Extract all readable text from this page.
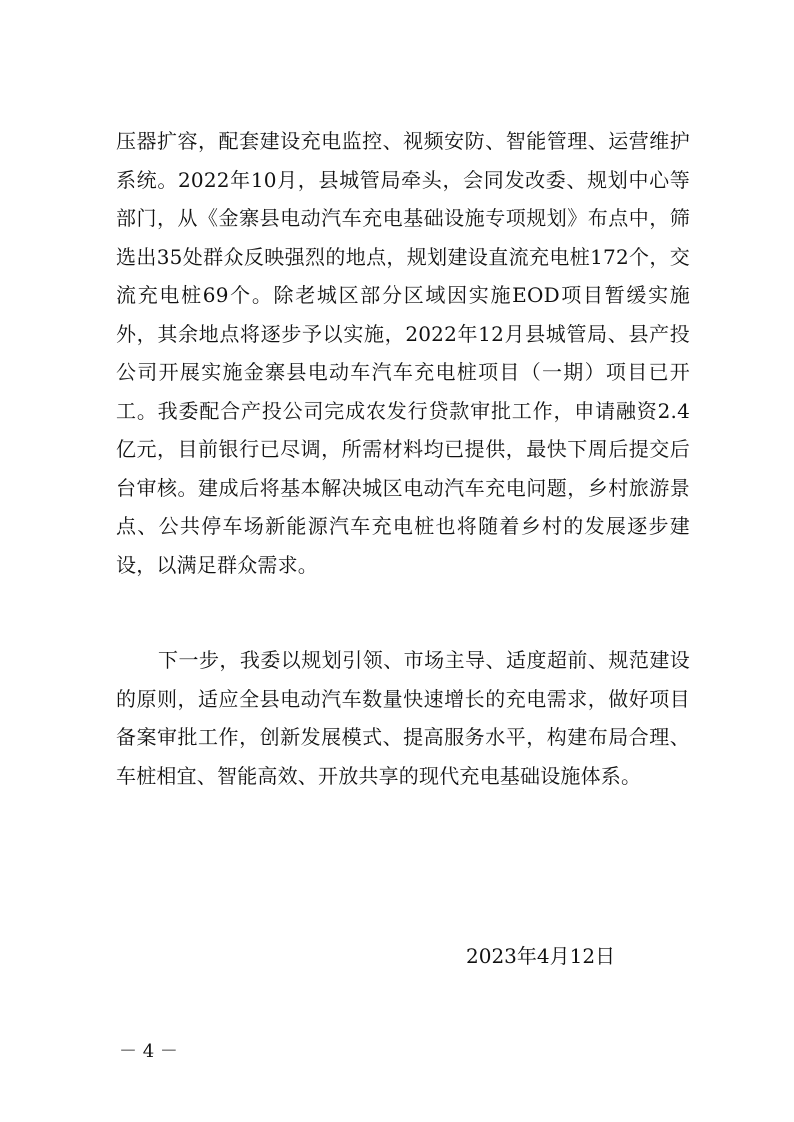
压器扩容，配套建设充电监控、视频安防、智能管理、运营维护系统。2022年10月，县城管局牵头，会同发改委、规划中心等部门，从《金寨县电动汽车充电基础设施专项规划》布点中，筛选出35处群众反映强烈的地点，规划建设直流充电桩172个，交流充电桩69个。除老城区部分区域因实施EOD项目暂缓实施外，其余地点将逐步予以实施，2022年12月县城管局、县产投公司开展实施金寨县电动车汽车充电桩项目（一期）项目已开工。我委配合产投公司完成农发行贷款审批工作，申请融资2.4亿元，目前银行已尽调，所需材料均已提供，最快下周后提交后台审核。建成后将基本解决城区电动汽车充电问题，乡村旅游景点、公共停车场新能源汽车充电桩也将随着乡村的发展逐步建设，以满足群众需求。

下一步，我委以规划引领、市场主导、适度超前、规范建设的原则，适应全县电动汽车数量快速增长的充电需求，做好项目备案审批工作，创新发展模式、提高服务水平，构建布局合理、车桩相宜、智能高效、开放共享的现代充电基础设施体系。

2023年4月12日

－ 4 －
